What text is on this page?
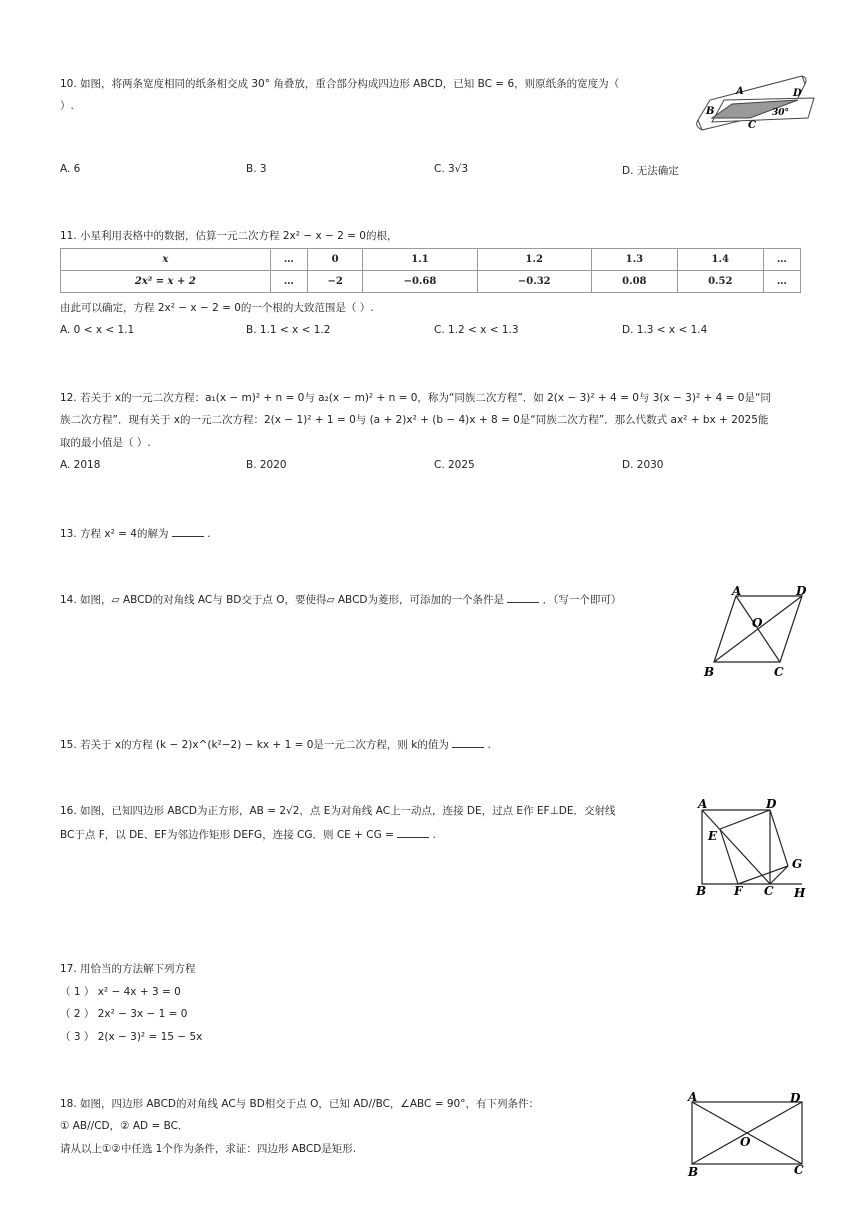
10. 如图，将两条宽度相同的纸条相交成 30° 角叠放，重合部分构成四边形 ABCD，已知 BC = 6，则原纸条的宽度为（
）.
A	D
B
C
30°
A. 6	B. 3	C. 3√3	D. 无法确定
11. 小星利用表格中的数据，估算一元二次方程 2x² − x − 2 = 0的根，
x	…	0	1.1	1.2	1.3	1.4	…
2x² = x + 2	…	−2	−0.68	−0.32	0.08	0.52	…
由此可以确定，方程 2x² − x − 2 = 0的一个根的大致范围是（ ）.
A. 0 < x < 1.1	B. 1.1 < x < 1.2	C. 1.2 < x < 1.3	D. 1.3 < x < 1.4
12. 若关于 x的一元二次方程：a₁(x − m)² + n = 0与 a₂(x − m)² + n = 0，称为“同族二次方程”．如 2(x − 3)² + 4 = 0与 3(x − 3)² + 4 = 0是“同
族二次方程”．现有关于 x的一元二次方程：2(x − 1)² + 1 = 0与 (a + 2)x² + (b − 4)x + 8 = 0是“同族二次方程”．那么代数式 ax² + bx + 2025能
取的最小值是（ ）.
A. 2018	B. 2020	C. 2025	D. 2030
13. 方程 x² = 4的解为	.
14. 如图，▱ ABCD的对角线 AC与 BD交于点 O，要使得▱ ABCD为菱形，可添加的一个条件是	．（写一个即可）
A	D
O
B	C
15. 若关于 x的方程 (k − 2)x^(k²−2) − kx + 1 = 0是一元二次方程，则 k的值为	.
16. 如图，已知四边形 ABCD为正方形，AB = 2√2，点 E为对角线 AC上一动点，连接 DE，过点 E作 EF⊥DE．交射线
BC于点 F，以 DE、EF为邻边作矩形 DEFG，连接 CG．则 CE + CG =	.
A	D
E
G
B F C H
17. 用恰当的方法解下列方程
（ 1 ） x² − 4x + 3 = 0
（ 2 ） 2x² − 3x − 1 = 0
（ 3 ） 2(x − 3)² = 15 − 5x
18. 如图，四边形 ABCD的对角线 AC与 BD相交于点 O，已知 AD//BC，∠ABC = 90°，有下列条件：
① AB//CD，② AD = BC．
请从以上①②中任选 1个作为条件，求证：四边形 ABCD是矩形.
A	D
O
B	C
